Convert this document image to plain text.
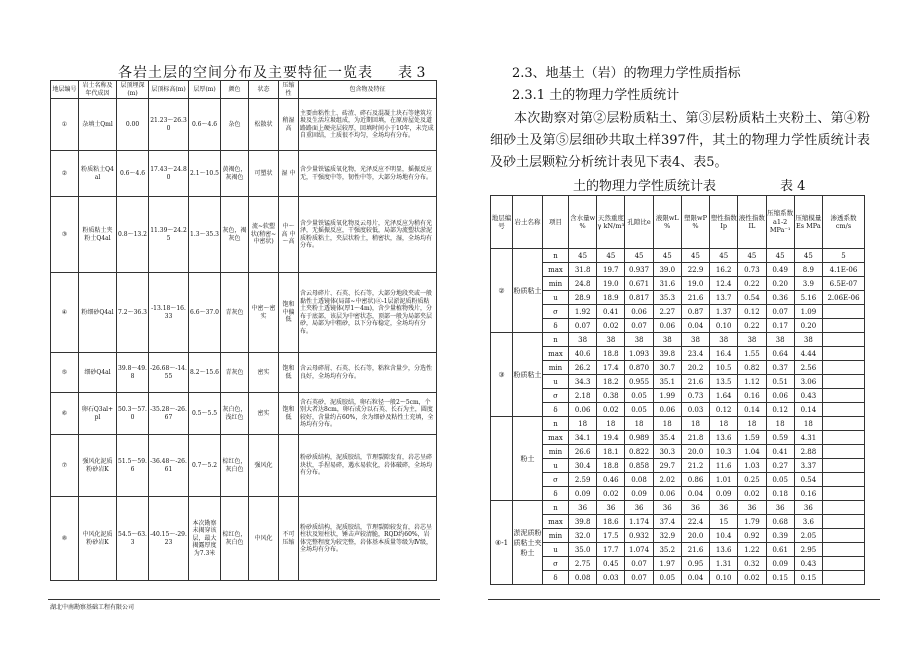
各岩土层的空间分布及主要特征一览表 表 3
地层编号	岩土名称及年代成因	层顶埋深(m)	层顶标高(m)	层厚(m)	颜色	状态	压缩性	包含物及特征
①	杂填土Qml	0.00	21.23～26.30	0.6～4.6	杂色	松散状	稍湿 高	主要由粘性土、砖渣、碎石及混凝土块石等建筑垃圾及生活垃圾组成，为近期回填，在原房屋处及道路路面上硬壳层较厚，回填时间小于10年，未完成自重固结，土质很不均匀，全场均有分布。
②	粉质粘土Q4al	0.6～4.6	17.43～24.80	2.1～10.5	黄褐色，灰褐色	可塑状	湿 中	含少量铁锰质氧化物，光泽反应不明显，摇振反应无，干强度中等，韧性中等，大部分场地有分布。
③	粉质粘土夹粉土Q4al	0.8～13.2	11.39～24.25	1.3～35.3	灰色，褐灰色	流~软塑状(稍密~中密状)	中～高 中～高	含少量铁锰质氧化物及云母片，光泽反应为稍有光泽，无摇振反应，干强度较低，局部为流塑状淤泥质粉质粘土，夹层状粉土，稍密状，湿，全场均有分布。
④	粉细砂Q4al	7.2～36.3	-13.18～16.33	6.6～37.0	青灰色	中密～密实	饱和 中偏低	含云母碎片、石英、长石等，大部分地段夹或一般黏性土透镜体(局部~中密状)④-1层淤泥质粉质粘土夹粉土透镜体(厚1～4m)，含少量植物残片，分布于底部，该层为中密状态，顶部一般为局部夹层砂，局部为中粗砂，以下分布稳定，全场均有分布。
⑤	细砂Q4al	39.8～49.8	-26.68～-14.55	8.2～15.6	青灰色	密实	饱和 低	含云母碎屑、石英、长石等，粘粒含量少，分选性良好，全场均有分布。
⑥	卵石Q3al+pl	50.3～57.0	-35.28～-26.67	0.5～5.5	灰白色，浅红色	密实	饱和 低	含石英砂，泥质胶结，卵石粒径一般2～5cm，个别大者达8cm，卵石成分以石英、长石为主，圆度较好，含量约占60%，余为细砂及粘性土充填，全场均有分布。
⑦	强风化泥质粉砂岩K	51.5～59.6	-36.48～-26.61	0.7～5.2	棕红色，灰白色	强风化		粉砂质结构，泥质胶结，节理裂隙发育，岩芯呈碎块状，手捏易碎，遇水易软化，岩体破碎，全场均有分布。
⑧	中风化泥质粉砂岩K	54.5～63.3	-40.15～-29.23	本次勘察未揭穿该层，最大揭露厚度为7.3米	棕红色，灰白色	中风化	不可压缩	粉砂质结构，泥质胶结，节理裂隙较发育，岩芯呈柱状及短柱状，锤击声较清脆，RQD约60%，岩体完整程度为较完整，岩体基本质量等级为Ⅳ级，全场均有分布。
2.3、地基土（岩）的物理力学性质指标
2.3.1 土的物理力学性质统计
本次勘察对第②层粉质粘土、第③层粉质粘土夹粉土、第④粉细砂土及第⑤层细砂共取土样397件，其土的物理力学性质统计表及砂土层颗粒分析统计表见下表4、表5。
土的物理力学性质统计表	表 4
地层编号	岩土名称	项目	含水量w %	天然重度γ kN/m³	孔隙比e	液限wL %	塑限wP %	塑性指数Ip	液性指数IL	压缩系数a1-2 MPa⁻¹	压缩模量Es MPa	渗透系数 cm/s
②	粉质粘土	n	45	45	45	45	45	45	45	45	45	5
		max	31.8	19.7	0.937	39.0	22.9	16.2	0.73	0.49	8.9	4.1E-06
		min	24.8	19.0	0.671	31.6	19.0	12.4	0.22	0.20	3.9	6.5E-07
		u	28.9	18.9	0.817	35.3	21.6	13.7	0.54	0.36	5.16	2.06E-06
		σ	1.92	0.41	0.06	2.27	0.87	1.37	0.12	0.07	1.09	
		δ	0.07	0.02	0.07	0.06	0.04	0.10	0.22	0.17	0.20	
③	粉质粘土	n	38	38	38	38	38	38	38	38	38	
		max	40.6	18.8	1.093	39.8	23.4	16.4	1.55	0.64	4.44	
		min	26.2	17.4	0.870	30.7	20.2	10.5	0.82	0.37	2.56	
		u	34.3	18.2	0.955	35.1	21.6	13.5	1.12	0.51	3.06	
		σ	2.18	0.38	0.05	1.99	0.73	1.64	0.16	0.06	0.43	
		δ	0.06	0.02	0.05	0.06	0.03	0.12	0.14	0.12	0.14	
	粉土	n	18	18	18	18	18	18	18	18	18	
		max	34.1	19.4	0.989	35.4	21.8	13.6	1.59	0.59	4.31	
		min	26.6	18.1	0.822	30.3	20.0	10.3	1.04	0.41	2.88	
		u	30.4	18.8	0.858	29.7	21.2	11.6	1.03	0.27	3.37	
		σ	2.59	0.46	0.08	2.02	0.86	1.01	0.25	0.05	0.54	
		δ	0.09	0.02	0.09	0.06	0.04	0.09	0.02	0.18	0.16	
④-1	淤泥质粉质粘土夹粉土	n	36	36	36	36	36	36	36	36	36	
		max	39.8	18.6	1.174	37.4	22.4	15	1.79	0.68	3.6	
		min	32.0	17.5	0.932	32.9	20.0	10.4	0.92	0.39	2.05	
		u	35.0	17.7	1.074	35.2	21.6	13.6	1.22	0.61	2.95	
		σ	2.75	0.45	0.07	1.97	0.95	1.31	0.32	0.09	0.43	
		δ	0.08	0.03	0.07	0.05	0.04	0.10	0.02	0.15	0.15	
湖北中南勘察基础工程有限公司
